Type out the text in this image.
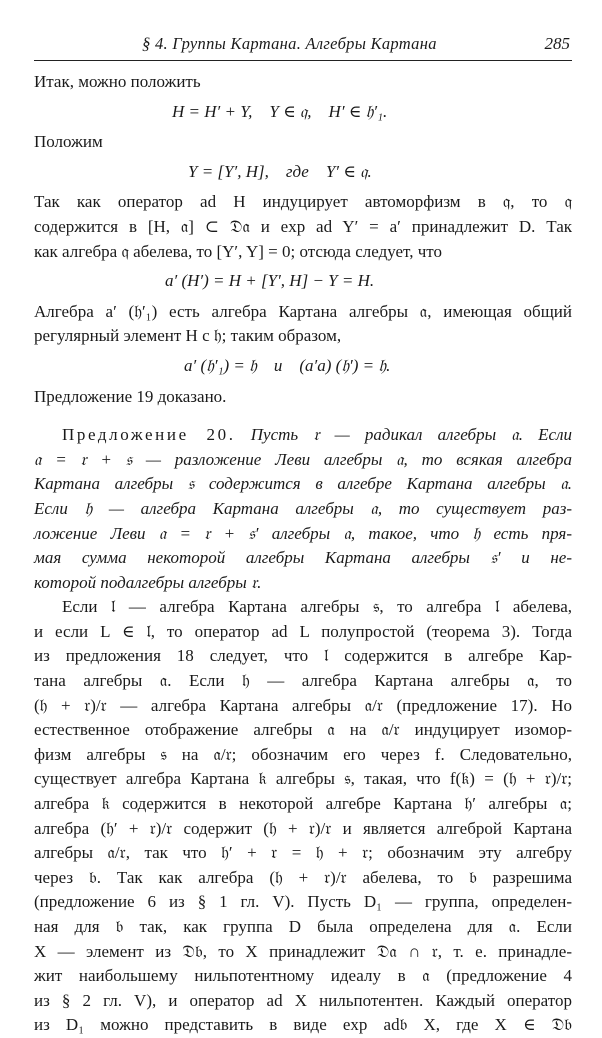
§ 4. Группы Картана. Алгебры Картана	285
Итак, можно положить
H = H′ + Y,    Y ∈ 𝔮,    H′ ∈ 𝔥′₁.
Положим
Y = [Y′, H],    где    Y′ ∈ 𝔮.
Так как оператор ad H индуцирует автоморфизм в 𝔮, то 𝔮
содержится в [H, 𝔞] ⊂ 𝔇𝔞 и exp ad Y′ = a′ принадлежит D. Так
как алгебра 𝔮 абелева, то [Y′, Y] = 0; отсюда следует, что
a′ (H′) = H + [Y′, H] − Y = H.
Алгебра a′ (𝔥′₁) есть алгебра Картана алгебры 𝔞, имеющая общий
регулярный элемент H с 𝔥; таким образом,
a′ (𝔥′₁) = 𝔥    и    (a′a) (𝔥′) = 𝔥.
Предложение 19 доказано.
Предложение 20. Пусть 𝔯 — радикал алгебры 𝔞. Если
𝔞 = 𝔯 + 𝔰 — разложение Леви алгебры 𝔞, то всякая алгебра
Картана алгебры 𝔰 содержится в алгебре Картана алгебры 𝔞.
Если 𝔥 — алгебра Картана алгебры 𝔞, то существует раз-
ложение Леви 𝔞 = 𝔯 + 𝔰′ алгебры 𝔞, такое, что 𝔥 есть пря-
мая сумма некоторой алгебры Картана алгебры 𝔰′ и не-
которой подалгебры алгебры 𝔯.
Если 𝔩 — алгебра Картана алгебры 𝔰, то алгебра 𝔩 абелева,
и если L ∈ 𝔩, то оператор ad L полупростой (теорема 3). Тогда
из предложения 18 следует, что 𝔩 содержится в алгебре Кар-
тана алгебры 𝔞. Если 𝔥 — алгебра Картана алгебры 𝔞, то
(𝔥 + 𝔯)/𝔯 — алгебра Картана алгебры 𝔞/𝔯 (предложение 17). Но
естественное отображение алгебры 𝔞 на 𝔞/𝔯 индуцирует изомор-
физм алгебры 𝔰 на 𝔞/𝔯; обозначим его через f. Следовательно,
существует алгебра Картана 𝔨 алгебры 𝔰, такая, что f(𝔨) = (𝔥 + 𝔯)/𝔯;
алгебра 𝔨 содержится в некоторой алгебре Картана 𝔥′ алгебры 𝔞;
алгебра (𝔥′ + 𝔯)/𝔯 содержит (𝔥 + 𝔯)/𝔯 и является алгеброй Картана
алгебры 𝔞/𝔯, так что 𝔥′ + 𝔯 = 𝔥 + 𝔯; обозначим эту алгебру
через 𝔟. Так как алгебра (𝔥 + 𝔯)/𝔯 абелева, то 𝔟 разрешима
(предложение 6 из § 1 гл. V). Пусть D₁ — группа, определен-
ная для 𝔟 так, как группа D была определена для 𝔞. Если
X — элемент из 𝔇𝔟, то X принадлежит 𝔇𝔞 ∩ 𝔯, т. е. принадле-
жит наибольшему нильпотентному идеалу в 𝔞 (предложение 4
из § 2 гл. V), и оператор ad X нильпотентен. Каждый оператор
из D₁ можно представить в виде exp ad𝔟 X, где X ∈ 𝔇𝔟
